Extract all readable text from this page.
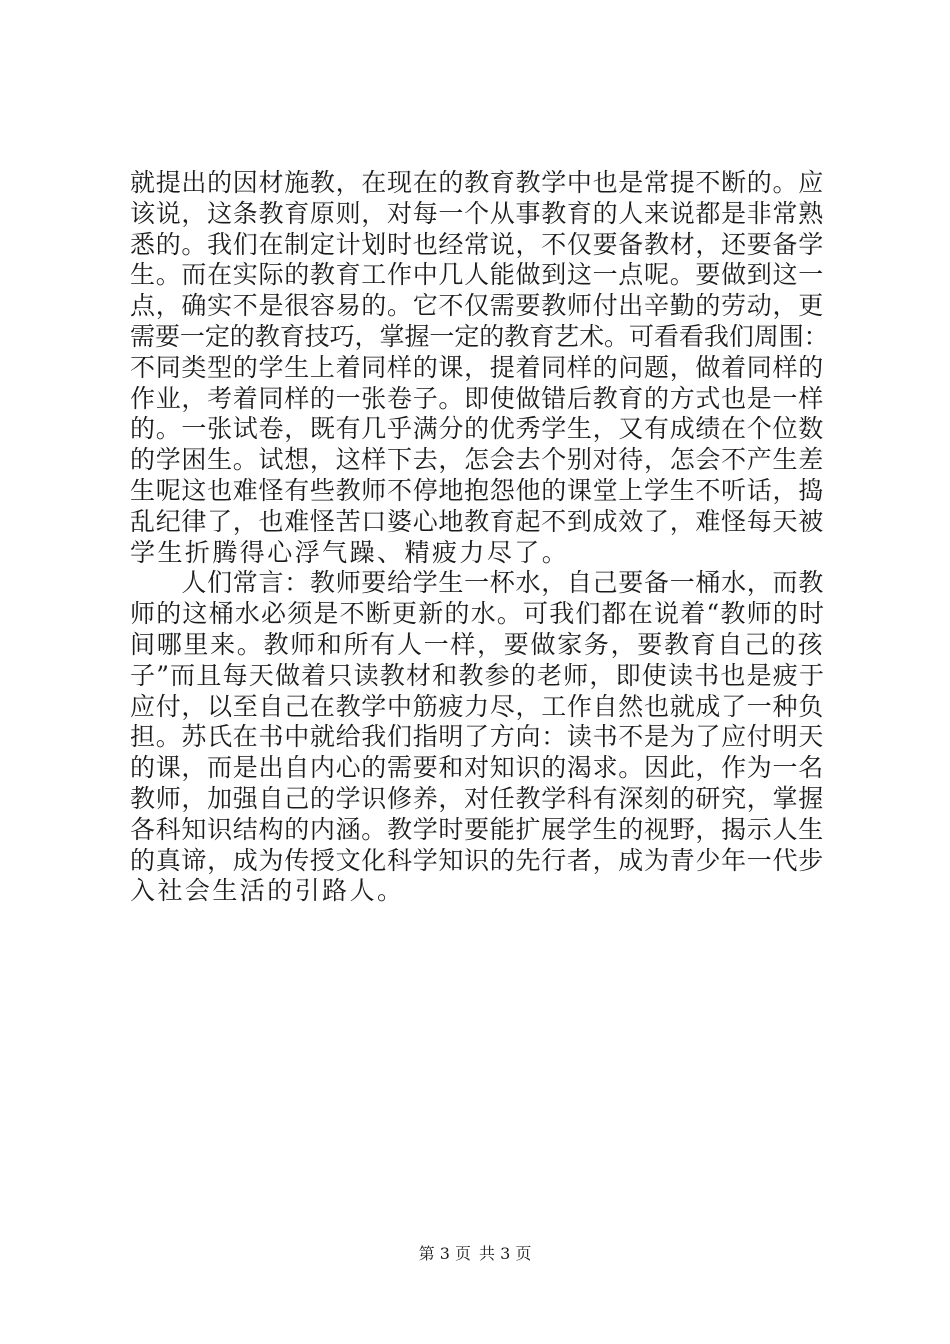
就提出的因材施教，在现在的教育教学中也是常提不断的。应
该说，这条教育原则，对每一个从事教育的人来说都是非常熟
悉的。我们在制定计划时也经常说，不仅要备教材，还要备学
生。而在实际的教育工作中几人能做到这一点呢。要做到这一
点，确实不是很容易的。它不仅需要教师付出辛勤的劳动，更
需要一定的教育技巧，掌握一定的教育艺术。可看看我们周围：
不同类型的学生上着同样的课，提着同样的问题，做着同样的
作业，考着同样的一张卷子。即使做错后教育的方式也是一样
的。一张试卷，既有几乎满分的优秀学生，又有成绩在个位数
的学困生。试想，这样下去，怎会去个别对待，怎会不产生差
生呢这也难怪有些教师不停地抱怨他的课堂上学生不听话，捣
乱纪律了，也难怪苦口婆心地教育起不到成效了，难怪每天被
学生折腾得心浮气躁、精疲力尽了。
　　人们常言：教师要给学生一杯水，自己要备一桶水，而教
师的这桶水必须是不断更新的水。可我们都在说着“教师的时
间哪里来。教师和所有人一样，要做家务，要教育自己的孩
子”而且每天做着只读教材和教参的老师，即使读书也是疲于
应付，以至自己在教学中筋疲力尽，工作自然也就成了一种负
担。苏氏在书中就给我们指明了方向：读书不是为了应付明天
的课，而是出自内心的需要和对知识的渴求。因此，作为一名
教师，加强自己的学识修养，对任教学科有深刻的研究，掌握
各科知识结构的内涵。教学时要能扩展学生的视野，揭示人生
的真谛，成为传授文化科学知识的先行者，成为青少年一代步
入社会生活的引路人。
第 3 页 共 3 页
